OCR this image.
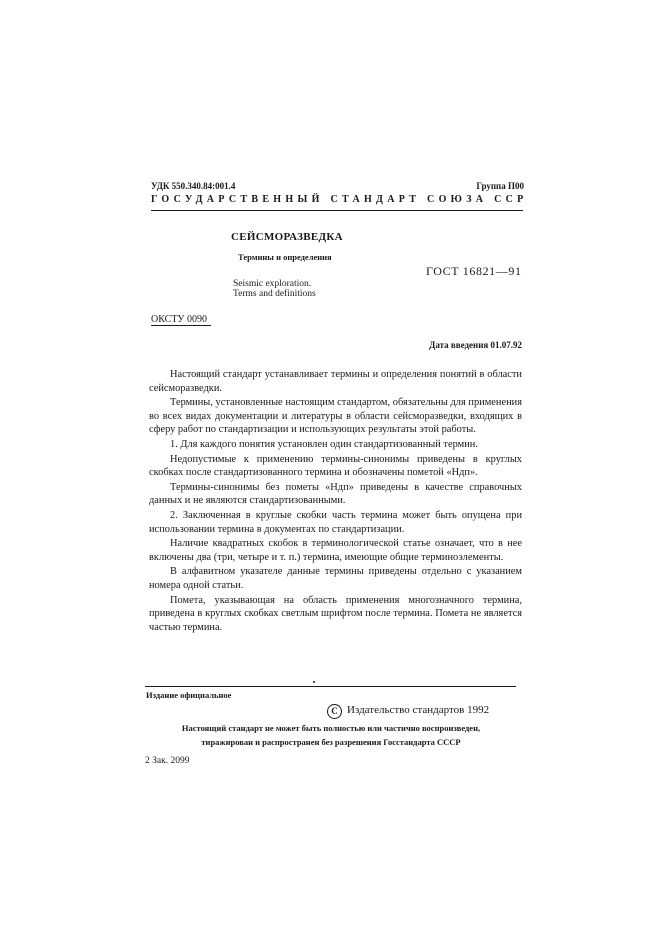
УДК 550.340.84:001.4	Группа П00
ГОСУДАРСТВЕННЫЙ СТАНДАРТ СОЮЗА ССР
СЕЙСМОРАЗВЕДКА
Термины и определения
ГОСТ 16821—91
Seismic exploration.
Terms and definitions
ОКСТУ 0090
Дата введения 01.07.92

Настоящий стандарт устанавливает термины и определения понятий в области сейсморазведки.

Термины, установленные настоящим стандартом, обязательны для применения во всех видах документации и литературы в области сейсморазведки, входящих в сферу работ по стандартизации и использующих результаты этой работы.

1. Для каждого понятия установлен один стандартизованный термин.

Недопустимые к применению термины-синонимы приведены в круглых скобках после стандартизованного термина и обозначены пометой «Ндп».

Термины-синонимы без пометы «Ндп» приведены в качестве справочных данных и не являются стандартизованными.

2. Заключенная в круглые скобки часть термина может быть опущена при использовании термина в документах по стандартизации.

Наличие квадратных скобок в терминологической статье означает, что в нее включены два (три, четыре и т. п.) термина, имеющие общие терминоэлементы.

В алфавитном указателе данные термины приведены отдельно с указанием номера одной статьи.

Помета, указывающая на область применения многозначного термина, приведена в круглых скобках светлым шрифтом после термина. Помета не является частью термина.

Издание официальное
C Издательство стандартов 1992
Настоящий стандарт не может быть полностью или частично воспроизведен,
тиражирован и распространен без разрешения Госстандарта СССР
2 Зак. 2099
